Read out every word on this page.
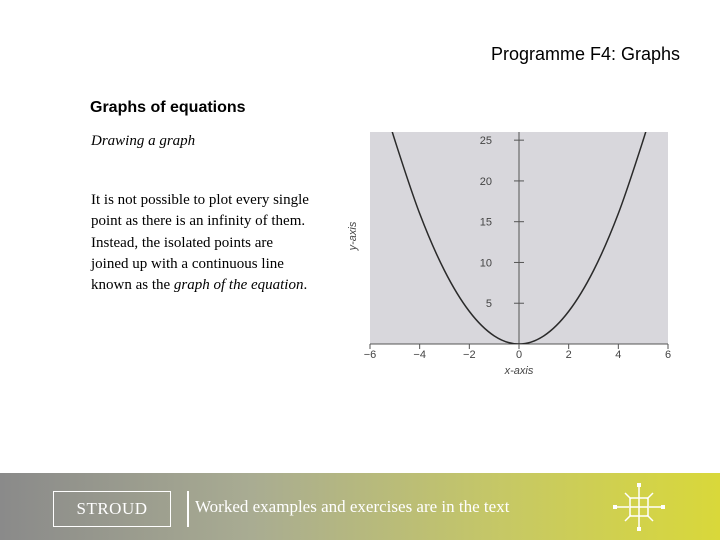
Programme F4: Graphs
Graphs of equations
Drawing a graph
It is not possible to plot every single point as there is an infinity of them. Instead, the isolated points are joined up with a continuous line known as the graph of the equation.
−6	−4	−2	0	2	4	6
5
10
15
20
25
x-axis
y-axis
STROUD	Worked examples and exercises are in the text
